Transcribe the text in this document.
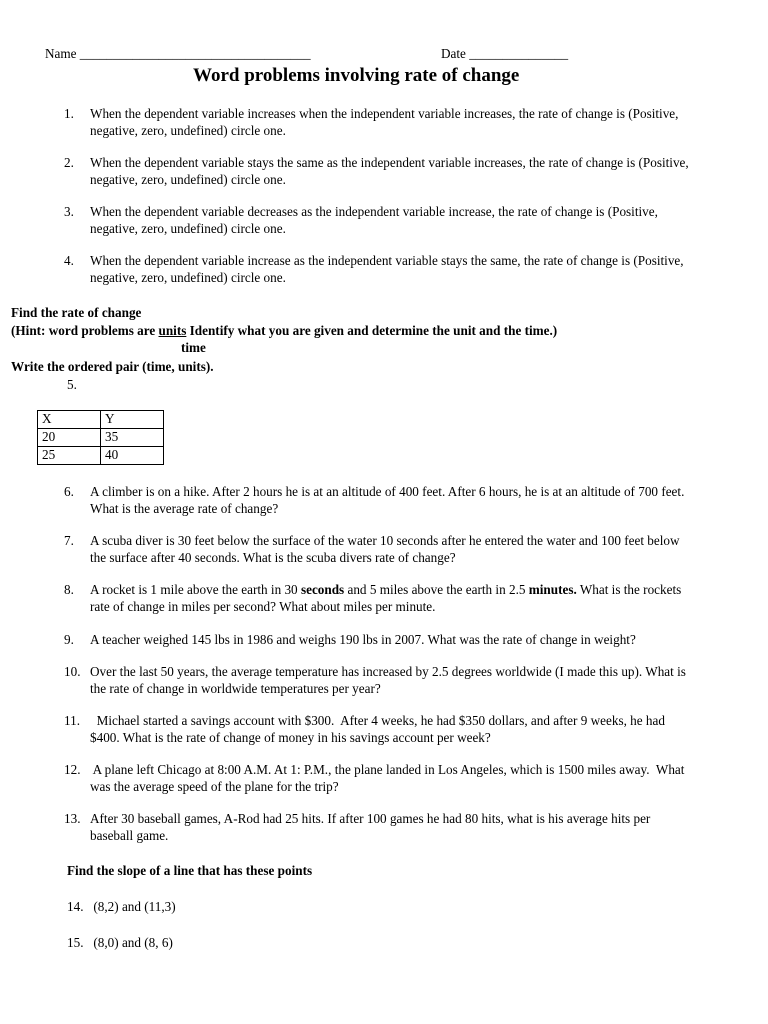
Name ___________________________________	Date _______________
Word problems involving rate of change
1.	When the dependent variable increases when the independent variable increases, the rate of change is (Positive,
negative, zero, undefined) circle one.
2.	When the dependent variable stays the same as the independent variable increases, the rate of change is (Positive,
negative, zero, undefined) circle one.
3.	When the dependent variable decreases as the independent variable increase, the rate of change is (Positive,
negative, zero, undefined) circle one.
4.	When the dependent variable increase as the independent variable stays the same, the rate of change is (Positive,
negative, zero, undefined) circle one.
Find the rate of change
(Hint: word problems are units Identify what you are given and determine the unit and the time.)
time
Write the ordered pair (time, units).
5.
X	Y
20	35
25	40
6.	A climber is on a hike. After 2 hours he is at an altitude of 400 feet. After 6 hours, he is at an altitude of 700 feet.
What is the average rate of change?
7.	A scuba diver is 30 feet below the surface of the water 10 seconds after he entered the water and 100 feet below
the surface after 40 seconds. What is the scuba divers rate of change?
8.	A rocket is 1 mile above the earth in 30 seconds and 5 miles above the earth in 2.5 minutes. What is the rockets
rate of change in miles per second? What about miles per minute.
9.	A teacher weighed 145 lbs in 1986 and weighs 190 lbs in 2007. What was the rate of change in weight?
10. Over the last 50 years, the average temperature has increased by 2.5 degrees worldwide (I made this up). What is
the rate of change in worldwide temperatures per year?
11. Michael started a savings account with $300.  After 4 weeks, he had $350 dollars, and after 9 weeks, he had
$400. What is the rate of change of money in his savings account per week?
12. A plane left Chicago at 8:00 A.M. At 1: P.M., the plane landed in Los Angeles, which is 1500 miles away.  What
was the average speed of the plane for the trip?
13. After 30 baseball games, A-Rod had 25 hits. If after 100 games he had 80 hits, what is his average hits per
baseball game.
Find the slope of a line that has these points
14.   (8,2) and (11,3)
15.   (8,0) and (8, 6)
